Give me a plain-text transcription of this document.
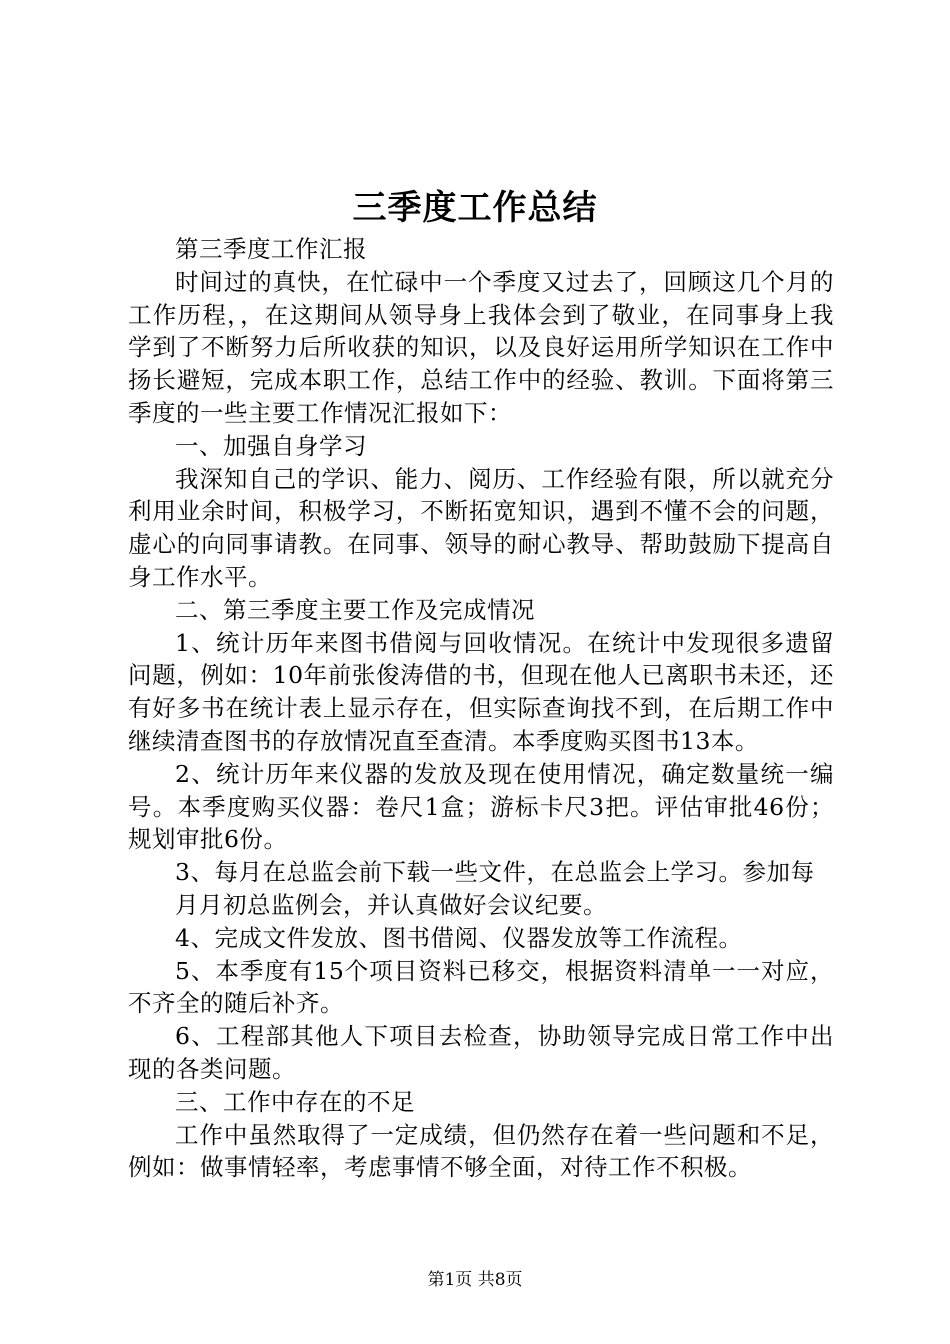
三季度工作总结

第三季度工作汇报

时间过的真快，在忙碌中一个季度又过去了，回顾这几个月的工作历程，，在这期间从领导身上我体会到了敬业，在同事身上我学到了不断努力后所收获的知识，以及良好运用所学知识在工作中扬长避短，完成本职工作，总结工作中的经验、教训。下面将第三季度的一些主要工作情况汇报如下：

一、加强自身学习

我深知自己的学识、能力、阅历、工作经验有限，所以就充分利用业余时间，积极学习，不断拓宽知识，遇到不懂不会的问题，虚心的向同事请教。在同事、领导的耐心教导、帮助鼓励下提高自身工作水平。

二、第三季度主要工作及完成情况

1、统计历年来图书借阅与回收情况。在统计中发现很多遗留问题，例如：10年前张俊涛借的书，但现在他人已离职书未还，还有好多书在统计表上显示存在，但实际查询找不到，在后期工作中继续清查图书的存放情况直至查清。本季度购买图书13本。

2、统计历年来仪器的发放及现在使用情况，确定数量统一编号。本季度购买仪器：卷尺1盒；游标卡尺3把。评估审批46份；规划审批6份。

3、每月在总监会前下载一些文件，在总监会上学习。参加每

月月初总监例会，并认真做好会议纪要。

4、完成文件发放、图书借阅、仪器发放等工作流程。

5、本季度有15个项目资料已移交，根据资料清单一一对应，不齐全的随后补齐。

6、工程部其他人下项目去检查，协助领导完成日常工作中出现的各类问题。

三、工作中存在的不足

工作中虽然取得了一定成绩，但仍然存在着一些问题和不足，例如：做事情轻率，考虑事情不够全面，对待工作不积极。

第1页 共8页
